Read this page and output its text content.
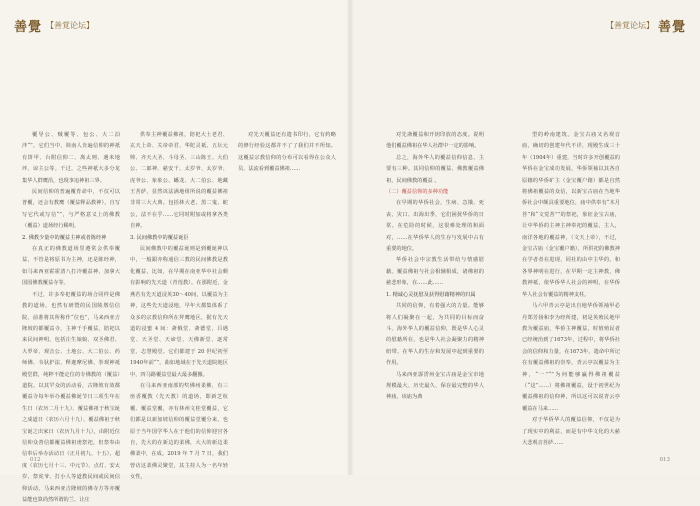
善覺 【善覚论坛】

覆导公、贼覆等、包公、大二泊泮“”。它们当中，简南人肯遍信仰的神祇有饼甲、台附信仰二、离太则、遇米地坪、谅主公等。千过，之些神祇大多分龙集华人群鹰沿，也現亊追神祖三界。

民间信仰的普遍覆育命中，不仅可以普覆，还会有教鹰（覆益释品教神），自写写它代或写信“”，与严格意义上的佛教（覆益）道场经行稀明。

2. 佛教少量中的覆益主神或者陈经神

在真正的佛教道场里遵常会供奉覆益，不管是将原书为主神，还是陈经神，如马来西亚霍霍清八打冷覆益神，加拿大国国佛教覆益寺等。

不过，许多奉祀覆益的场合同样是佛教的道场。也然有研暨的民国陵墩信信院、前准将其所称作“位也”，马来西亚吉隆坡的都覆益寺，主神千手覆益，陪祀以来民间神明，包括注生娘娘、双圣佛君、大罗帝、观音公、土地公、大二伯公、药师佛、韦驮护法、释迦摩尼佛、拳观神祗殿堂群，纯粹不能定位的专佛教的（覆益）道院。以其罕众的活动看，古隆坡有效都覆益寺每年举办覆益佛诞节日三项生年在生日（农历二月十九）、覆益佛祖于秋宝诞之成道日（农历六月十九）、覆益佛祖于秋宝诞之出家日（农历九月十九），由附近位信仰众善信都覆益佛祖虔祭祀。但祭奉由信奉后举办活动日（正月初九、十五），超度（农历七月十三、中元节）、点灯、安太岁、祭虎爷、打小人等道教民间或民间信仰活动，马来西亚吉隆坡的佛寺方等亦覆益能也算尚然所谓的兰、让庄

供奉主神覆益佛祖，陪祀大士老君、玄天上帝、关帝帝君、华陀灵祗、五坛元帅、齐天大圣、斗母圣、三山陈王、大伯公、二郎神、慈安千、太岁爷、太岁爷、虎爷公、象象公、蟠龙、大二伯公、地藏王菩萨，显然该法满地组所说的覆益佛祖非常三大大典。包括林大老、黑二鬼、蛇公，法不在乎……它同时附加或将拿各类自神。

3. 民间佛教中的覆益诞臣

民间佛教中的覆益诞则是到覆诞神以中，一般跟亦称通信三教的民间佛教是教化覆益，比如，在早期在南亚华中社会颇有影响的先天道（青莲教）。在那附近，金燕若有先天道浸英30～40间，以覆益为主神，这些先天道浸地，早年大都集体系了众多的宗教信仰所在拜鹰地区，据有先天道的浸蜜 4 间：斋俄堂、斋德堂、吕遇堂、天圣堂、天谛堂、天佛新堂、逐常堂、志慧殿堂。它们都建于 20 世纪初至 1940年前“”。曲如地域在于先天道院地区中，四马路覆益堂最大最多翻搬。

在马来西亚南部的奖佛州柔佛，有三座香覆教（先天教）的道场，即新芝杭覆、覆益堂覆，亦有林州文桂堂覆益，它们都是以新加坡信仰的覆益堂覆分来，也原于当年国学华人在于他们的信仰迎宫各自，先大的在新边的柔佛，大大的新边柔佛柔中，在成。2019 年 7 月 7 日，我们曾访这柔佛灵聚堂，其主持人为一名年轻女性，

对先天覆益还有遗书印行，它有约略的修行经验这都并不了了我们并不所知。这覆益宗教信仰的分布可以看得在公众人员，法流看到覆益佛祖……

012
【善覚论坛】 善覺

对先斋覆益和开钥印放的态度。说明他们覆益佛祖在华人社群中一定的影响。

总之，海外华人的覆益信仰信息，主要有三种。其同信仰的覆益、佛教覆益佛祖，民间佛教的覆益 。

（二）覆益信仰的多种功能

在早期的华侨社会，生病、急饿、死丧、灾口、出海出季，它们困扰华侨的日常。在危险的时候，这很难处理的和面对，……在华侨华人的生存与发展中占有重要的地位。

华侨社会中宗教生活带给与情感慰藉。覆益佛祖与社会相辅相成，诸佛祖的慈悲形象，在……此……

1. 精诚心灵抚慰及获得慰藉精神的归属

共同的信仰，有着强大的力量。能够将人们凝聚在一起，为共同的目标而奋斗。海外华人的覆益信仰，既是华人心灵的慰藉所在，也是华人社会凝聚力的精神纽带。在华人的生存和发展中起到重要的作用。

马来西亚霹雳州金宝古庙是金宝市地规模最大、历史最久、保存最完整的华人神庙，该庙为典

型的岭南建筑。金宝古庙又名观音庙，确切的创建年代不详，现殿生成三十年（1904年）重建，当时许多开创覆益的华侨在金宝成功发展，华侨领袖以其各自原籍的华侨矿主（金宝覆户籍）都是自然将佛祖覆益的众信，以新宝古庙在当地华侨社会中颇具重要地位，庙中供奉有“木月菩”和“文觉菩””的祭祀，象征金宝古庙，让中华侨的主神主神奉祀的覆益，主人，南洋各地的覆益神，（文天上帝），不过，金宝古庙（金宝覆户籍），所供祀的佛教神在学者者在进现，同社的由中主华的，和各界神明在进行，在早期一定主神教，佛教神祗，依华侨华人社会的神明，在华侨华人社会有覆益的精神支柱。

马六甲青云亭是出自地华侨领袖甲必丹郑芳扬和李为经所建，初是英殖民地甲教为覆益庙，华侨主神覆益，时值殖民者已经统治到了1673年，过程中，将华侨社会的信仰和力量，在1673年，遗命中所记在有覆益佛祖的崇奉，青云亭以覆益为主神，“一”“”为何能够赢得佛祖覆益（“这”……）将佛祖覆益，设于初世纪为覆益佛祖的信仰神，所以这可以说青云亭覆益在马来……

对于华侨华人的覆益信仰，不仅是为了现实中的利益，而是有中华文化的大慈大悲观音菩萨……

013
